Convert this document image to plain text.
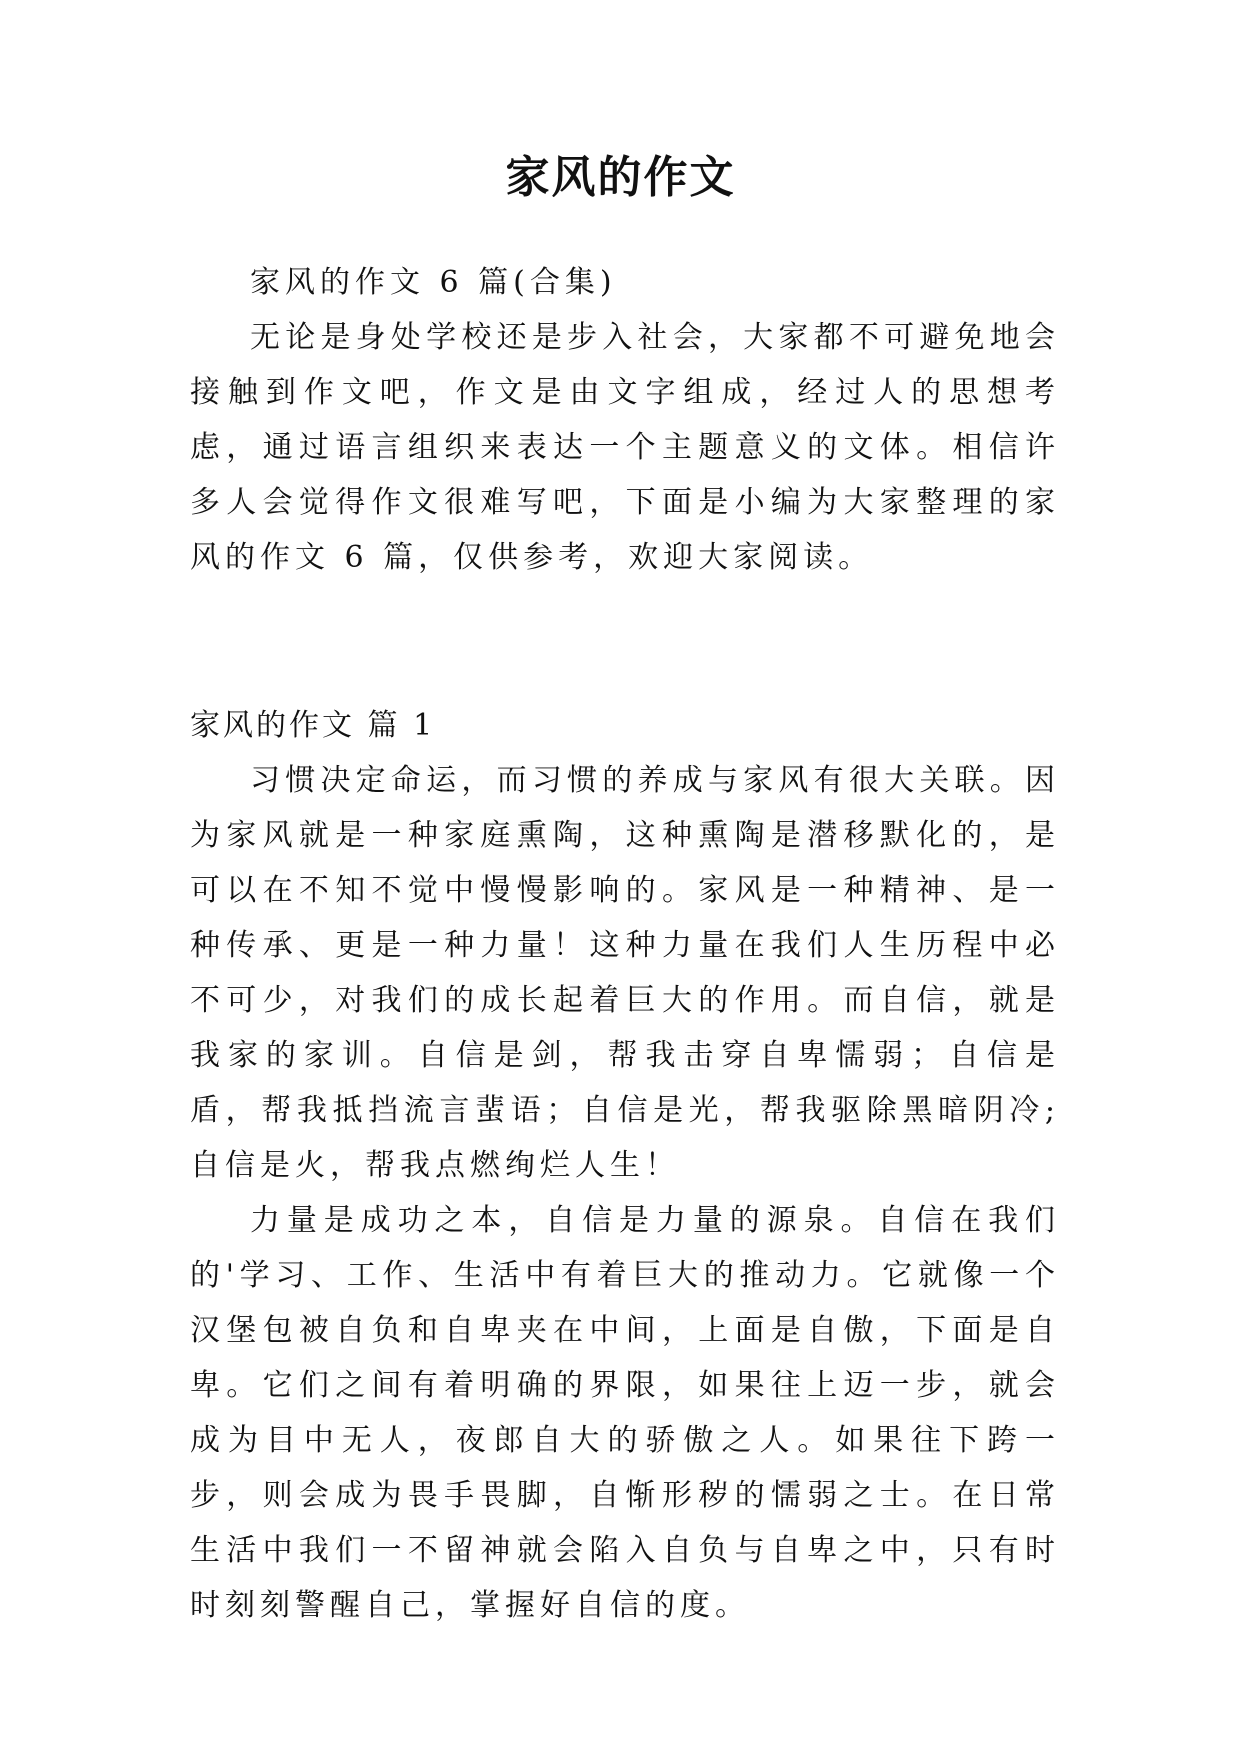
家风的作文

家风的作文 6 篇(合集)

无论是身处学校还是步入社会，大家都不可避免地会接触到作文吧，作文是由文字组成，经过人的思想考虑，通过语言组织来表达一个主题意义的文体。相信许多人会觉得作文很难写吧，下面是小编为大家整理的家风的作文 6 篇，仅供参考，欢迎大家阅读。

家风的作文 篇 1

习惯决定命运，而习惯的养成与家风有很大关联。因为家风就是一种家庭熏陶，这种熏陶是潜移默化的，是可以在不知不觉中慢慢影响的。家风是一种精神、是一种传承、更是一种力量！这种力量在我们人生历程中必不可少，对我们的成长起着巨大的作用。而自信，就是我家的家训。自信是剑，帮我击穿自卑懦弱；自信是盾，帮我抵挡流言蜚语；自信是光，帮我驱除黑暗阴冷;自信是火，帮我点燃绚烂人生！

力量是成功之本，自信是力量的源泉。自信在我们的'学习、工作、生活中有着巨大的推动力。它就像一个汉堡包被自负和自卑夹在中间，上面是自傲，下面是自卑。它们之间有着明确的界限，如果往上迈一步，就会成为目中无人，夜郎自大的骄傲之人。如果往下跨一步，则会成为畏手畏脚，自惭形秽的懦弱之士。在日常生活中我们一不留神就会陷入自负与自卑之中，只有时时刻刻警醒自己，掌握好自信的度。
